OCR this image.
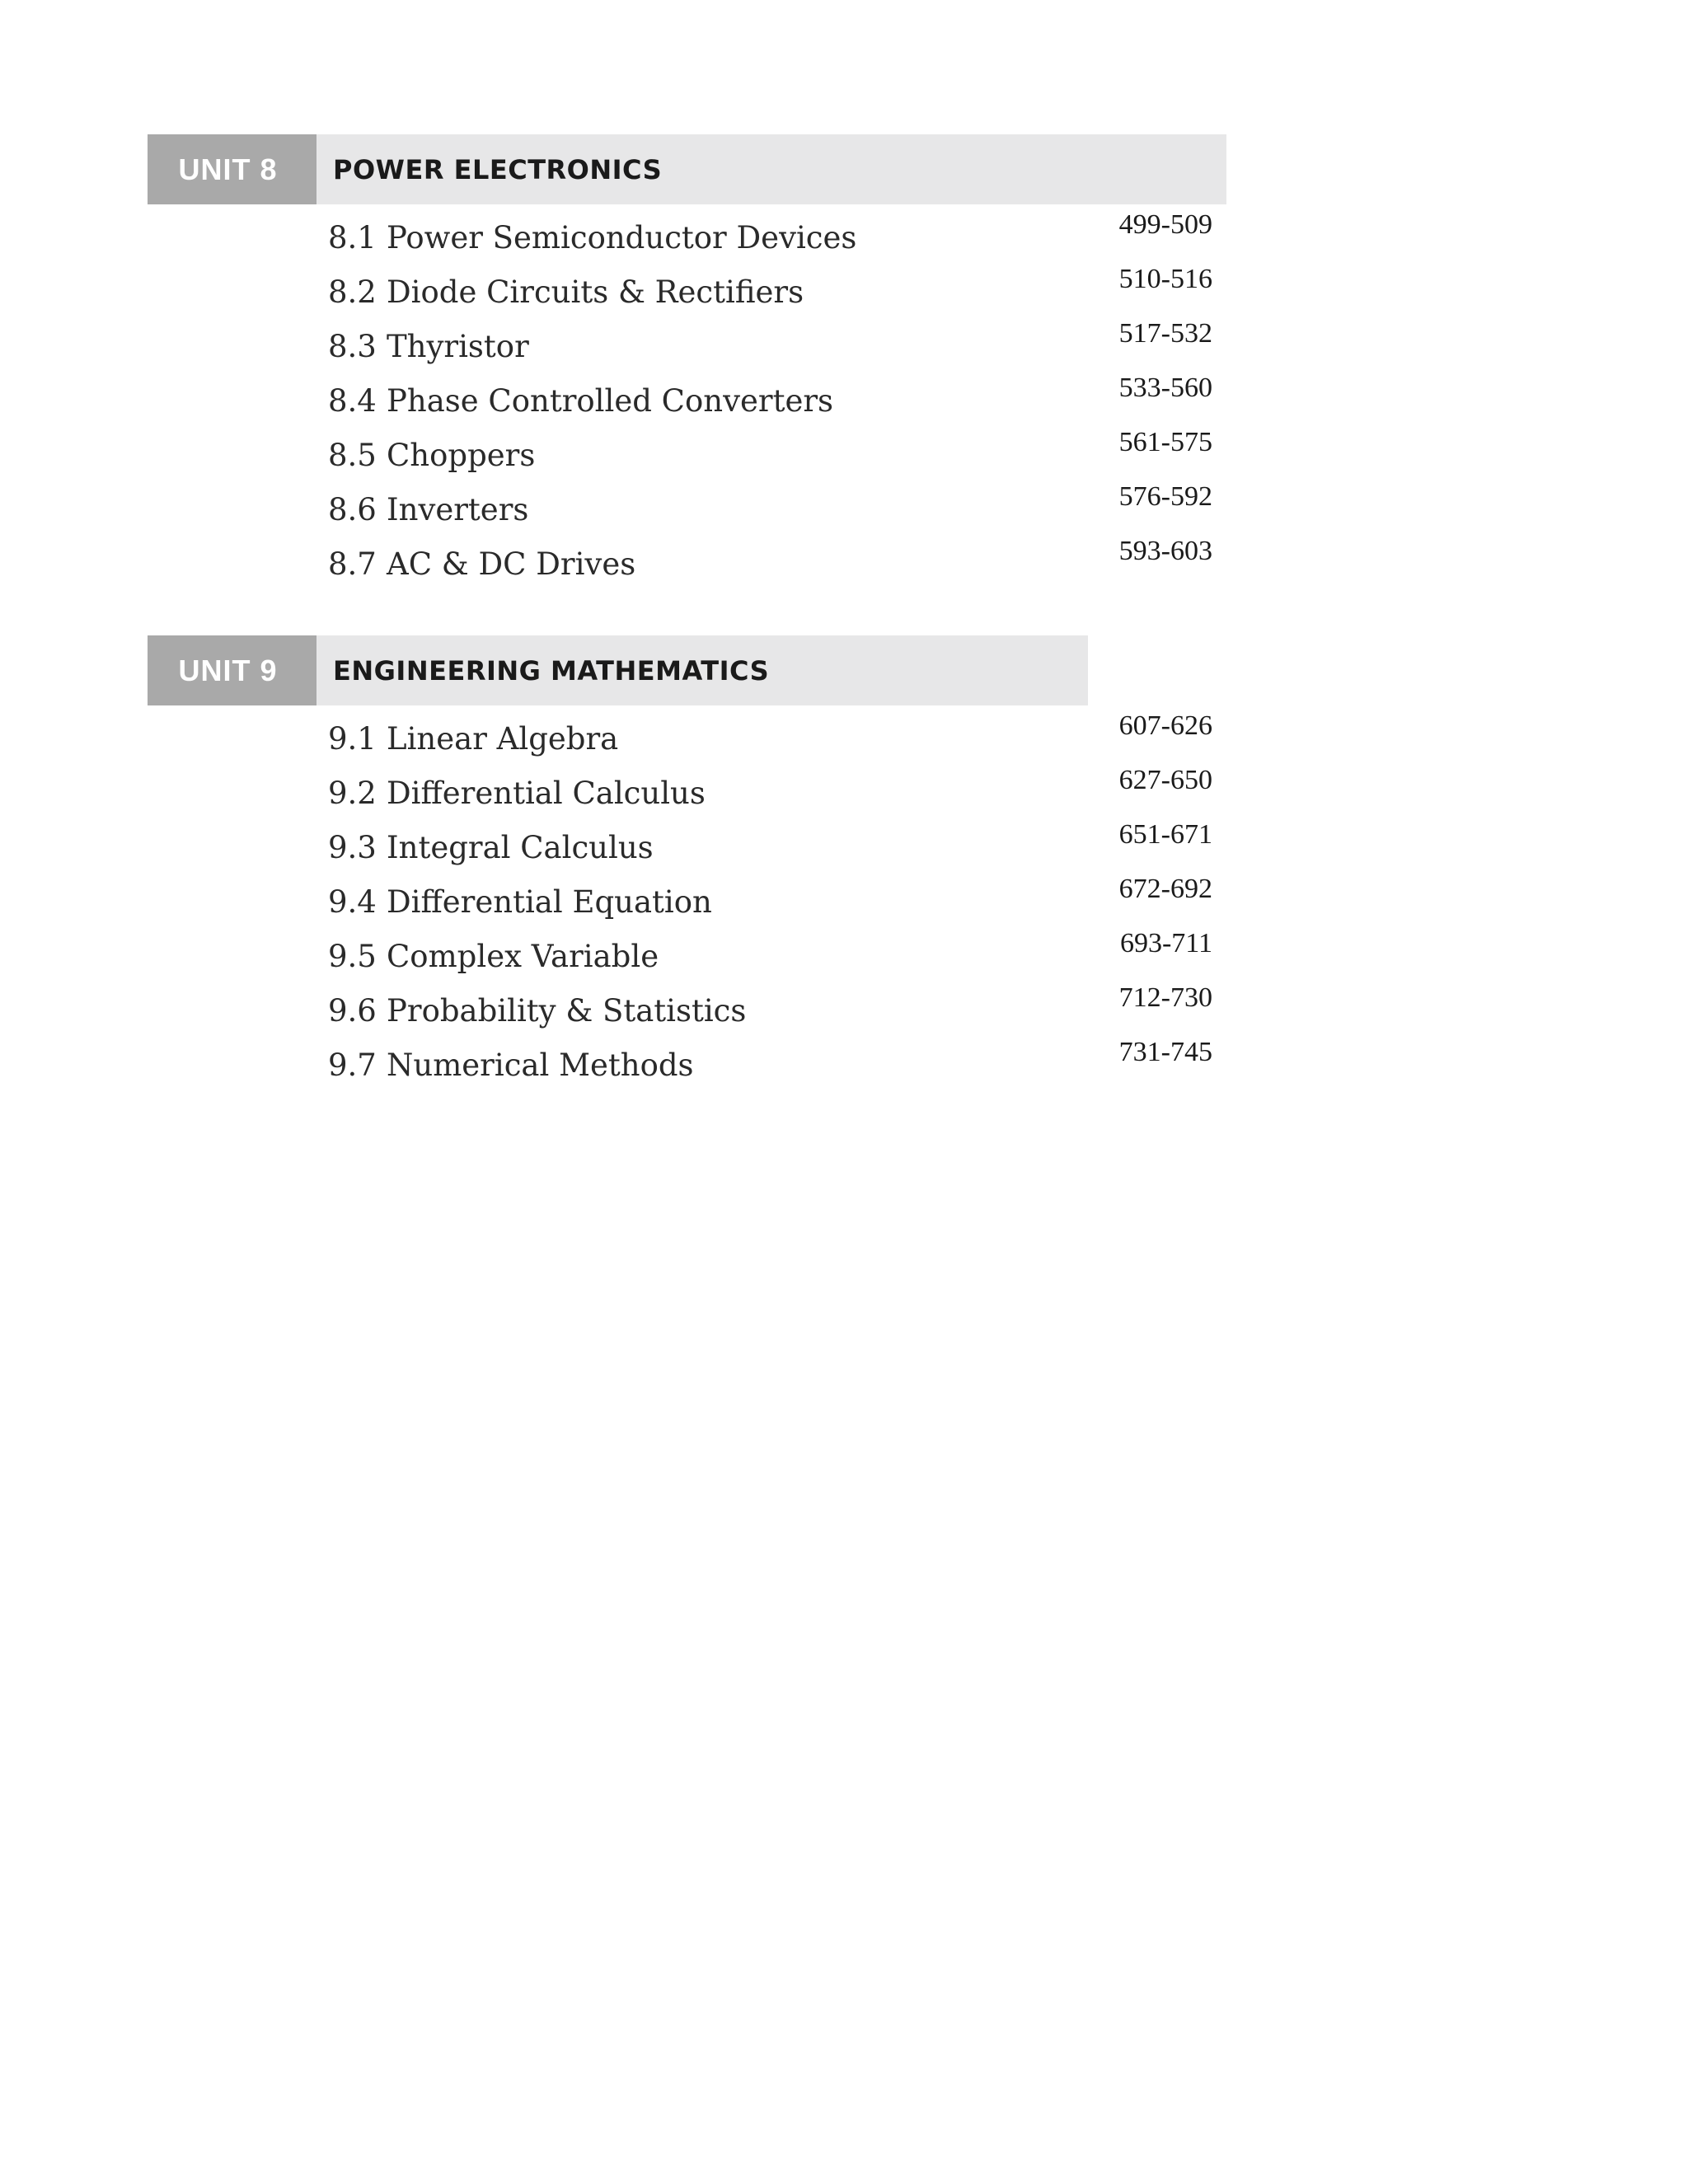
UNIT 8	POWER ELECTRONICS
8.1 Power Semiconductor Devices	499-509
8.2 Diode Circuits & Rectifiers	510-516
8.3 Thyristor	517-532
8.4 Phase Controlled Converters	533-560
8.5 Choppers	561-575
8.6 Inverters	576-592
8.7 AC & DC Drives	593-603
UNIT 9	ENGINEERING MATHEMATICS
9.1 Linear Algebra	607-626
9.2 Differential Calculus	627-650
9.3 Integral Calculus	651-671
9.4 Differential Equation	672-692
9.5 Complex Variable	693-711
9.6 Probability & Statistics	712-730
9.7 Numerical Methods	731-745
